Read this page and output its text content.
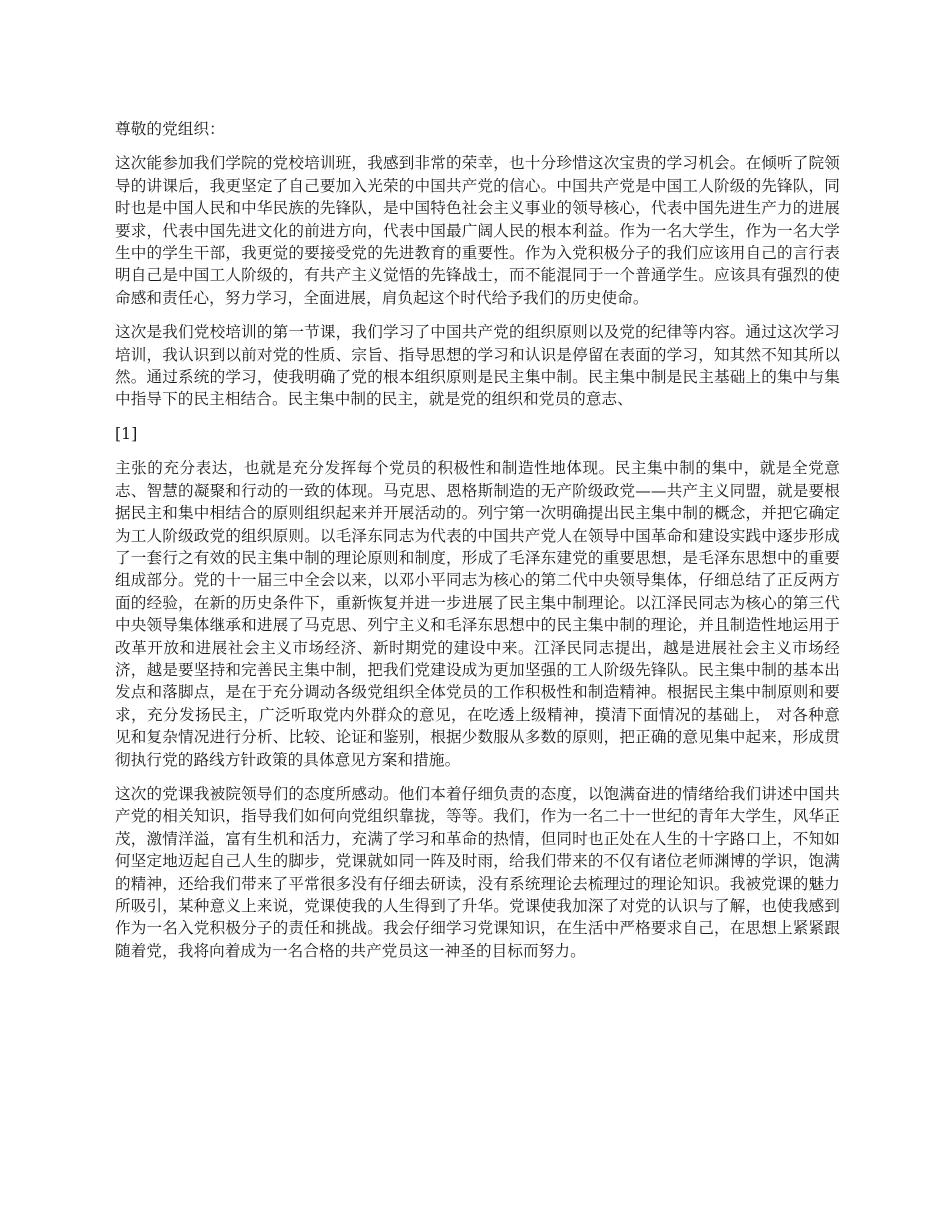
尊敬的党组织：

这次能参加我们学院的党校培训班，我感到非常的荣幸，也十分珍惜这次宝贵的学习机会。在倾听了院领导的讲课后，我更坚定了自己要加入光荣的中国共产党的信心。中国共产党是中国工人阶级的先锋队，同时也是中国人民和中华民族的先锋队，是中国特色社会主义事业的领导核心，代表中国先进生产力的进展要求，代表中国先进文化的前进方向，代表中国最广阔人民的根本利益。作为一名大学生，作为一名大学生中的学生干部，我更觉的要接受党的先进教育的重要性。作为入党积极分子的我们应该用自己的言行表明自己是中国工人阶级的，有共产主义觉悟的先锋战士，而不能混同于一个普通学生。应该具有强烈的使命感和责任心，努力学习，全面进展，肩负起这个时代给予我们的历史使命。

这次是我们党校培训的第一节课，我们学习了中国共产党的组织原则以及党的纪律等内容。通过这次学习培训，我认识到以前对党的性质、宗旨、指导思想的学习和认识是停留在表面的学习，知其然不知其所以然。通过系统的学习，使我明确了党的根本组织原则是民主集中制。民主集中制是民主基础上的集中与集中指导下的民主相结合。民主集中制的民主，就是党的组织和党员的意志、

[1]

主张的充分表达，也就是充分发挥每个党员的积极性和制造性地体现。民主集中制的集中，就是全党意志、智慧的凝聚和行动的一致的体现。马克思、恩格斯制造的无产阶级政党——共产主义同盟，就是要根据民主和集中相结合的原则组织起来并开展活动的。列宁第一次明确提出民主集中制的概念，并把它确定为工人阶级政党的组织原则。以毛泽东同志为代表的中国共产党人在领导中国革命和建设实践中逐步形成了一套行之有效的民主集中制的理论原则和制度，形成了毛泽东建党的重要思想，是毛泽东思想中的重要组成部分。党的十一届三中全会以来，以邓小平同志为核心的第二代中央领导集体，仔细总结了正反两方面的经验，在新的历史条件下，重新恢复并进一步进展了民主集中制理论。以江泽民同志为核心的第三代中央领导集体继承和进展了马克思、列宁主义和毛泽东思想中的民主集中制的理论，并且制造性地运用于改革开放和进展社会主义市场经济、新时期党的建设中来。江泽民同志提出，越是进展社会主义市场经济，越是要坚持和完善民主集中制，把我们党建设成为更加坚强的工人阶级先锋队。民主集中制的基本出发点和落脚点，是在于充分调动各级党组织全体党员的工作积极性和制造精神。根据民主集中制原则和要求，充分发扬民主，广泛听取党内外群众的意见，在吃透上级精神，摸清下面情况的基础上， 对各种意见和复杂情况进行分析、比较、论证和鉴别，根据少数服从多数的原则，把正确的意见集中起来，形成贯彻执行党的路线方针政策的具体意见方案和措施。

这次的党课我被院领导们的态度所感动。他们本着仔细负责的态度，以饱满奋进的情绪给我们讲述中国共产党的相关知识，指导我们如何向党组织靠拢，等等。我们，作为一名二十一世纪的青年大学生，风华正茂，激情洋溢，富有生机和活力，充满了学习和革命的热情，但同时也正处在人生的十字路口上，不知如何坚定地迈起自己人生的脚步，党课就如同一阵及时雨，给我们带来的不仅有诸位老师渊博的学识，饱满的精神，还给我们带来了平常很多没有仔细去研读，没有系统理论去梳理过的理论知识。我被党课的魅力所吸引，某种意义上来说，党课使我的人生得到了升华。党课使我加深了对党的认识与了解，也使我感到作为一名入党积极分子的责任和挑战。我会仔细学习党课知识，在生活中严格要求自己，在思想上紧紧跟随着党，我将向着成为一名合格的共产党员这一神圣的目标而努力。
